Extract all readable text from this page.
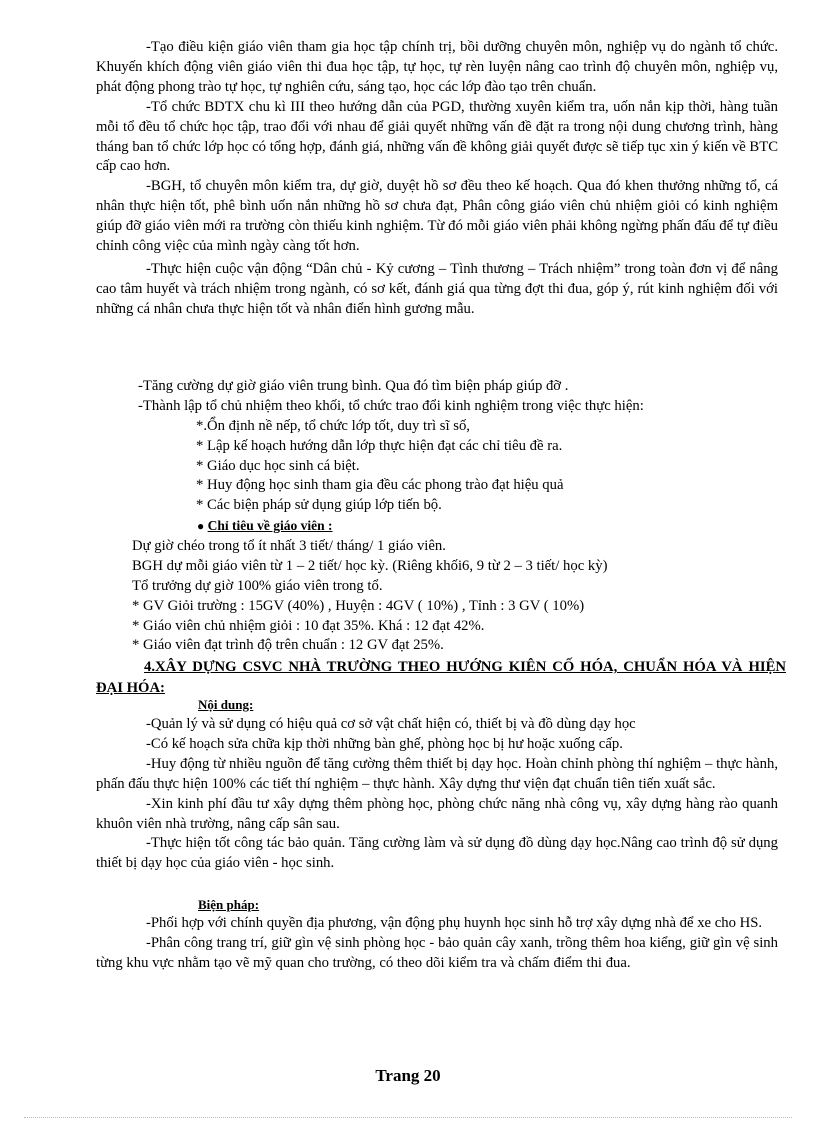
-Tạo điều kiện giáo viên tham gia học tập chính trị, bồi dưỡng chuyên môn, nghiệp vụ do ngành tổ chức. Khuyến khích động viên giáo viên thi đua học tập, tự học, tự rèn luyện nâng cao trình độ chuyên môn, nghiệp vụ, phát động phong trào tự học, tự nghiên cứu, sáng tạo, học các lớp đào tạo trên chuẩn.

-Tổ chức BDTX chu kì III theo hướng dẫn của PGD, thường xuyên kiểm tra, uốn nắn kịp thời, hàng tuần mỗi tổ đều tổ chức học tập, trao đổi với nhau để giải quyết những vấn đề đặt ra trong nội dung chương trình, hàng tháng ban tổ chức lớp học có tổng hợp, đánh giá, những vấn đề không giải quyết được sẽ tiếp tục xin ý kiến về BTC cấp cao hơn.

-BGH, tổ chuyên môn kiểm tra, dự giờ, duyệt hồ sơ đều theo kế hoạch. Qua đó khen thưởng những tổ, cá nhân thực hiện tốt, phê bình uốn nắn những hồ sơ chưa đạt, Phân công giáo viên chủ nhiệm giỏi có kinh nghiệm giúp đỡ giáo viên mới ra trường còn thiếu kinh nghiệm. Từ đó mỗi giáo viên phải không ngừng phấn đấu để tự điều chỉnh công việc của mình ngày càng tốt hơn.

-Thực hiện cuộc vận động “Dân chủ - Kỷ cương – Tình thương – Trách nhiệm” trong toàn đơn vị để nâng cao tâm huyết và trách nhiệm trong ngành, có sơ kết, đánh giá qua từng đợt thi đua, góp ý, rút kinh nghiệm đối với những cá nhân chưa thực hiện tốt và nhân điển hình gương mẫu.

-Tăng cường dự giờ giáo viên trung bình. Qua đó tìm biện pháp giúp đỡ .

-Thành lập tổ chủ nhiệm theo khối, tổ chức trao đổi kinh nghiệm trong việc thực hiện:

*.Ổn định nề nếp, tổ chức lớp tốt, duy trì sĩ số,

* Lập kế hoạch hướng dẫn lớp thực hiện đạt các chỉ tiêu đề ra.

* Giáo dục học sinh cá biệt.

* Huy động học sinh tham gia đều các phong trào đạt hiệu quả

* Các biện pháp sử dụng giúp lớp tiến bộ.

● Chỉ tiêu về giáo viên :

Dự giờ chéo trong tổ ít nhất 3 tiết/ tháng/ 1 giáo viên.

BGH dự mỗi giáo viên từ 1 – 2 tiết/ học kỳ. (Riêng khối6, 9 từ 2 – 3 tiết/ học kỳ)

Tổ trưởng dự giờ 100% giáo viên trong tổ.

* GV Giỏi trường : 15GV (40%) , Huyện : 4GV ( 10%) , Tỉnh : 3 GV ( 10%)

* Giáo viên chủ nhiệm giỏi : 10 đạt 35%. Khá : 12 đạt 42%.

* Giáo viên đạt trình độ trên chuẩn : 12 GV đạt 25%.

4.XÂY DỰNG CSVC NHÀ TRƯỜNG THEO HƯỚNG KIÊN CỐ HÓA, CHUẨN HÓA VÀ HIỆN ĐẠI HÓA:
Nội dung:

-Quản lý và sử dụng có hiệu quả cơ sở vật chất hiện có, thiết bị và đồ dùng dạy học

-Có kế hoạch sửa chữa kịp thời những bàn ghế, phòng học bị hư hoặc xuống cấp.

-Huy động từ nhiều nguồn để tăng cường thêm thiết bị dạy học. Hoàn chỉnh phòng thí nghiệm – thực hành, phấn đấu thực hiện 100% các tiết thí nghiệm – thực hành. Xây dựng thư viện đạt chuẩn tiên tiến xuất sắc.

-Xin kinh phí đầu tư xây dựng thêm phòng học, phòng chức năng nhà công vụ, xây dựng hàng rào quanh khuôn viên nhà trường, nâng cấp sân sau.

-Thực hiện tốt công tác bảo quản. Tăng cường làm và sử dụng đồ dùng dạy học.Nâng cao trình độ sử dụng thiết bị dạy học của giáo viên - học sinh.

Biện pháp:

-Phối hợp với chính quyền địa phương, vận động phụ huynh học sinh hỗ trợ xây dựng nhà để xe cho HS.

-Phân công trang trí, giữ gìn vệ sinh phòng học - bảo quản cây xanh, trồng thêm hoa kiểng, giữ gìn vệ sinh từng khu vực nhằm tạo vẽ mỹ quan cho trường, có theo dõi kiểm tra và chấm điểm thi đua.

Trang 20
